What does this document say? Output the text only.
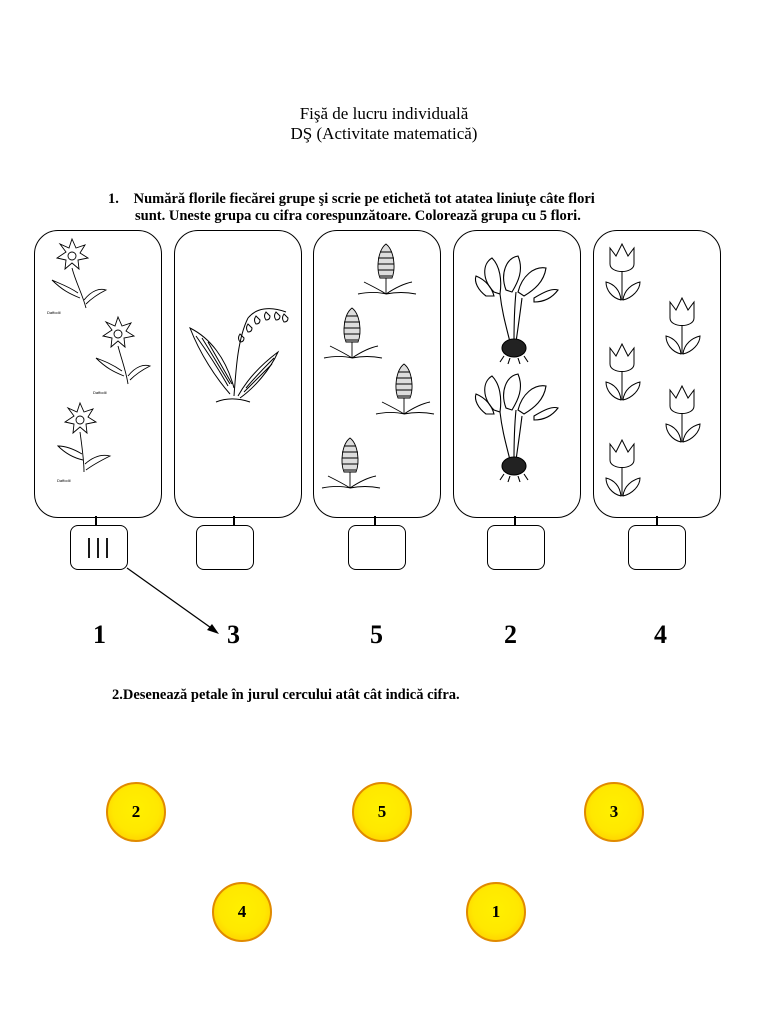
Fişă de lucru individuală
DŞ (Activitate matematică)
1. Numără florile fiecărei grupe şi scrie pe etichetă tot atatea liniuţe câte flori
sunt. Uneste grupa cu cifra corespunzătoare. Colorează grupa cu 5 flori.
Daffodil
Daffodil
Daffodil
1	3	5	2	4
2.Desenează petale în jurul cercului atât cât indică cifra.
2	5	3
4	1
